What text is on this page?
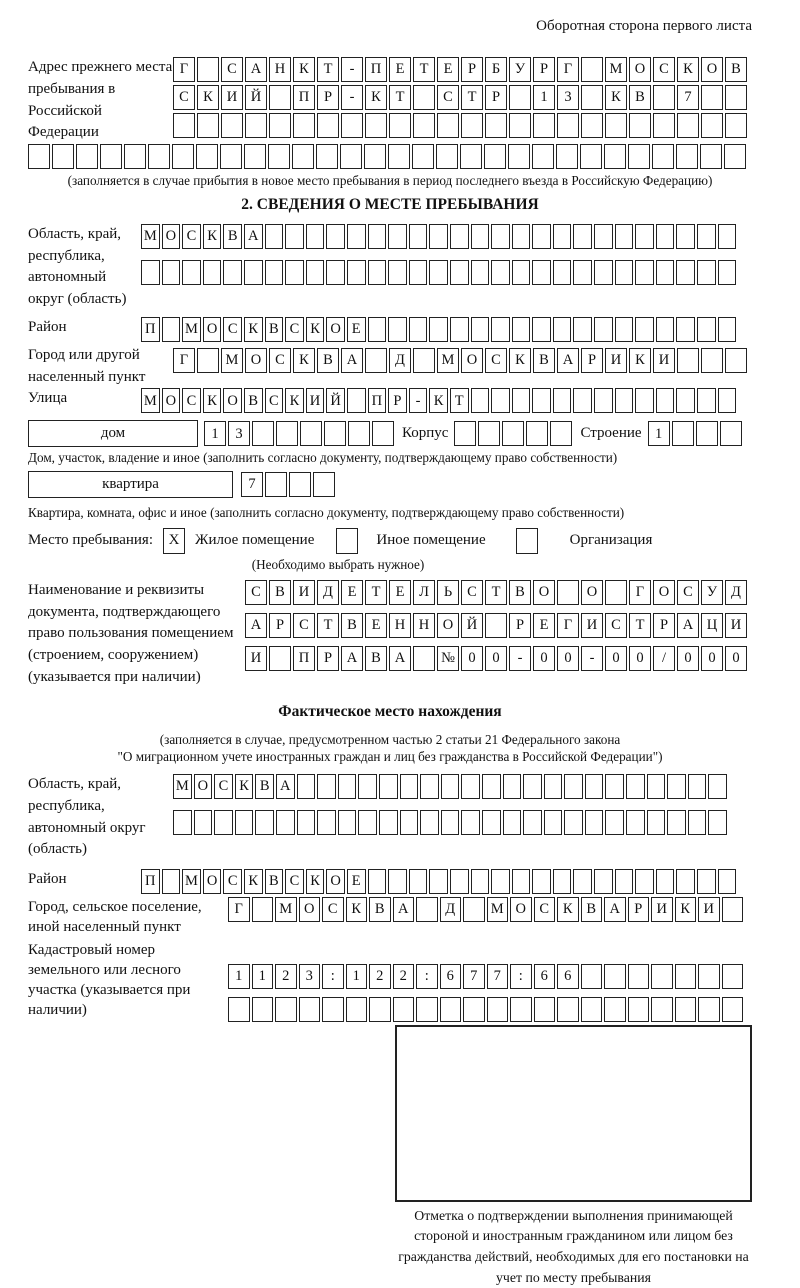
Оборотная сторона первого листа
Адрес прежнего места пребывания в Российской Федерации
Г	С А Н К	Т	-	П Е	Т	Е	Р	Б	У	Р	Г	М О С К О В
С К И Й	П	Р	-	К	Т	С	Т	Р	1	3	К В	7
(заполняется в случае прибытия в новое место пребывания в период последнего въезда в Российскую Федерацию)
2. СВЕДЕНИЯ О МЕСТЕ ПРЕБЫВАНИЯ
Область, край, республика, автономный округ (область)
М О С К В А
Район	П М О С К В С К О Е
Город или другой населенный пункт
Г	М О С К В А	Д	М О С К В А	Р	И К И
Улица	М О С К О В С К И Й П Р - К Т
дом	1	3	Корпус	Строение 1
Дом, участок, владение и иное (заполнить согласно документу, подтверждающему право собственности)
квартира	7
Квартира, комната, офис и иное (заполнить согласно документу, подтверждающему право собственности)
Место пребывания:	X	Жилое помещение	Иное помещение	Организация
(Необходимо выбрать нужное)
Наименование и реквизиты документа, подтверждающего право пользования помещением (строением, сооружением) (указывается при наличии)
С В И Д	Е	Т	Е	Л	Ь	С	Т	В О	О	Г	О С У Д
А	Р	С	Т	В	Е Н Н О Й	Р	Е	Г	И С	Т	Р	А Ц И
И	П	Р	А В А	№ 0	0	-	0	0	-	0	0	/	0	0	0
Фактическое место нахождения
(заполняется в случае, предусмотренном частью 2 статьи 21 Федерального закона
"О миграционном учете иностранных граждан и лиц без гражданства в Российской Федерации")
Область, край, республика, автономный округ (область)
М О С К В А
Район	П М О С К В С К О Е
Город, сельское поселение, иной населенный пункт
Г	М О С К В А	Д	М О С К В А Р И К И
Кадастровый номер земельного или лесного участка (указывается при наличии)
1	1	2	3	:	1	2	2	:	6	7	7	:	6	6
Отметка о подтверждении выполнения принимающей стороной и иностранным гражданином или лицом без гражданства действий, необходимых для его постановки на учет по месту пребывания
